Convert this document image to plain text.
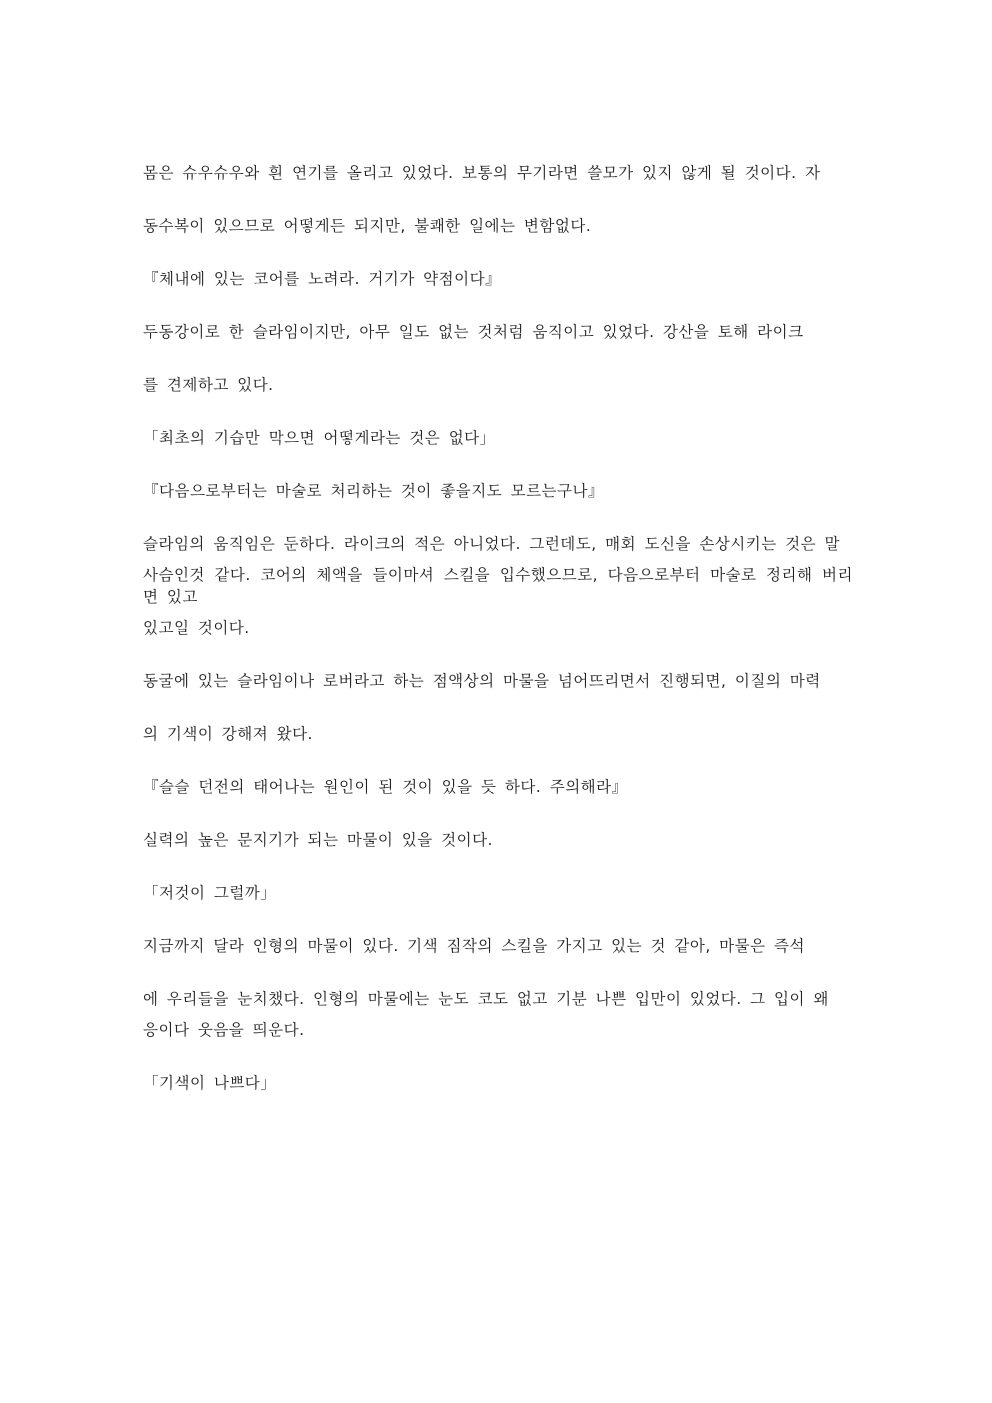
몸은 슈우슈우와 흰 연기를 올리고 있었다. 보통의 무기라면 쓸모가 있지 않게 될 것이다. 자

동수복이 있으므로 어떻게든 되지만, 불쾌한 일에는 변함없다.

『체내에 있는 코어를 노려라. 거기가 약점이다』

두동강이로 한 슬라임이지만, 아무 일도 없는 것처럼 움직이고 있었다. 강산을 토해 라이크

를 견제하고 있다.

「최초의 기습만 막으면 어떻게라는 것은 없다」

『다음으로부터는 마술로 처리하는 것이 좋을지도 모르는구나』

슬라임의 움직임은 둔하다. 라이크의 적은 아니었다. 그런데도, 매회 도신을 손상시키는 것은 말

사슴인것 같다. 코어의 체액을 들이마셔 스킬을 입수했으므로, 다음으로부터 마술로 정리해 버리면 있고

있고일 것이다.

동굴에 있는 슬라임이나 로버라고 하는 점액상의 마물을 넘어뜨리면서 진행되면, 이질의 마력

의 기색이 강해져 왔다.

『슬슬 던전의 태어나는 원인이 된 것이 있을 듯 하다. 주의해라』

실력의 높은 문지기가 되는 마물이 있을 것이다.

「저것이 그럴까」

지금까지 달라 인형의 마물이 있다. 기색 짐작의 스킬을 가지고 있는 것 같아, 마물은 즉석

에 우리들을 눈치챘다. 인형의 마물에는 눈도 코도 없고 기분 나쁜 입만이 있었다. 그 입이 왜

응이다 웃음을 띄운다.

「기색이 나쁘다」
